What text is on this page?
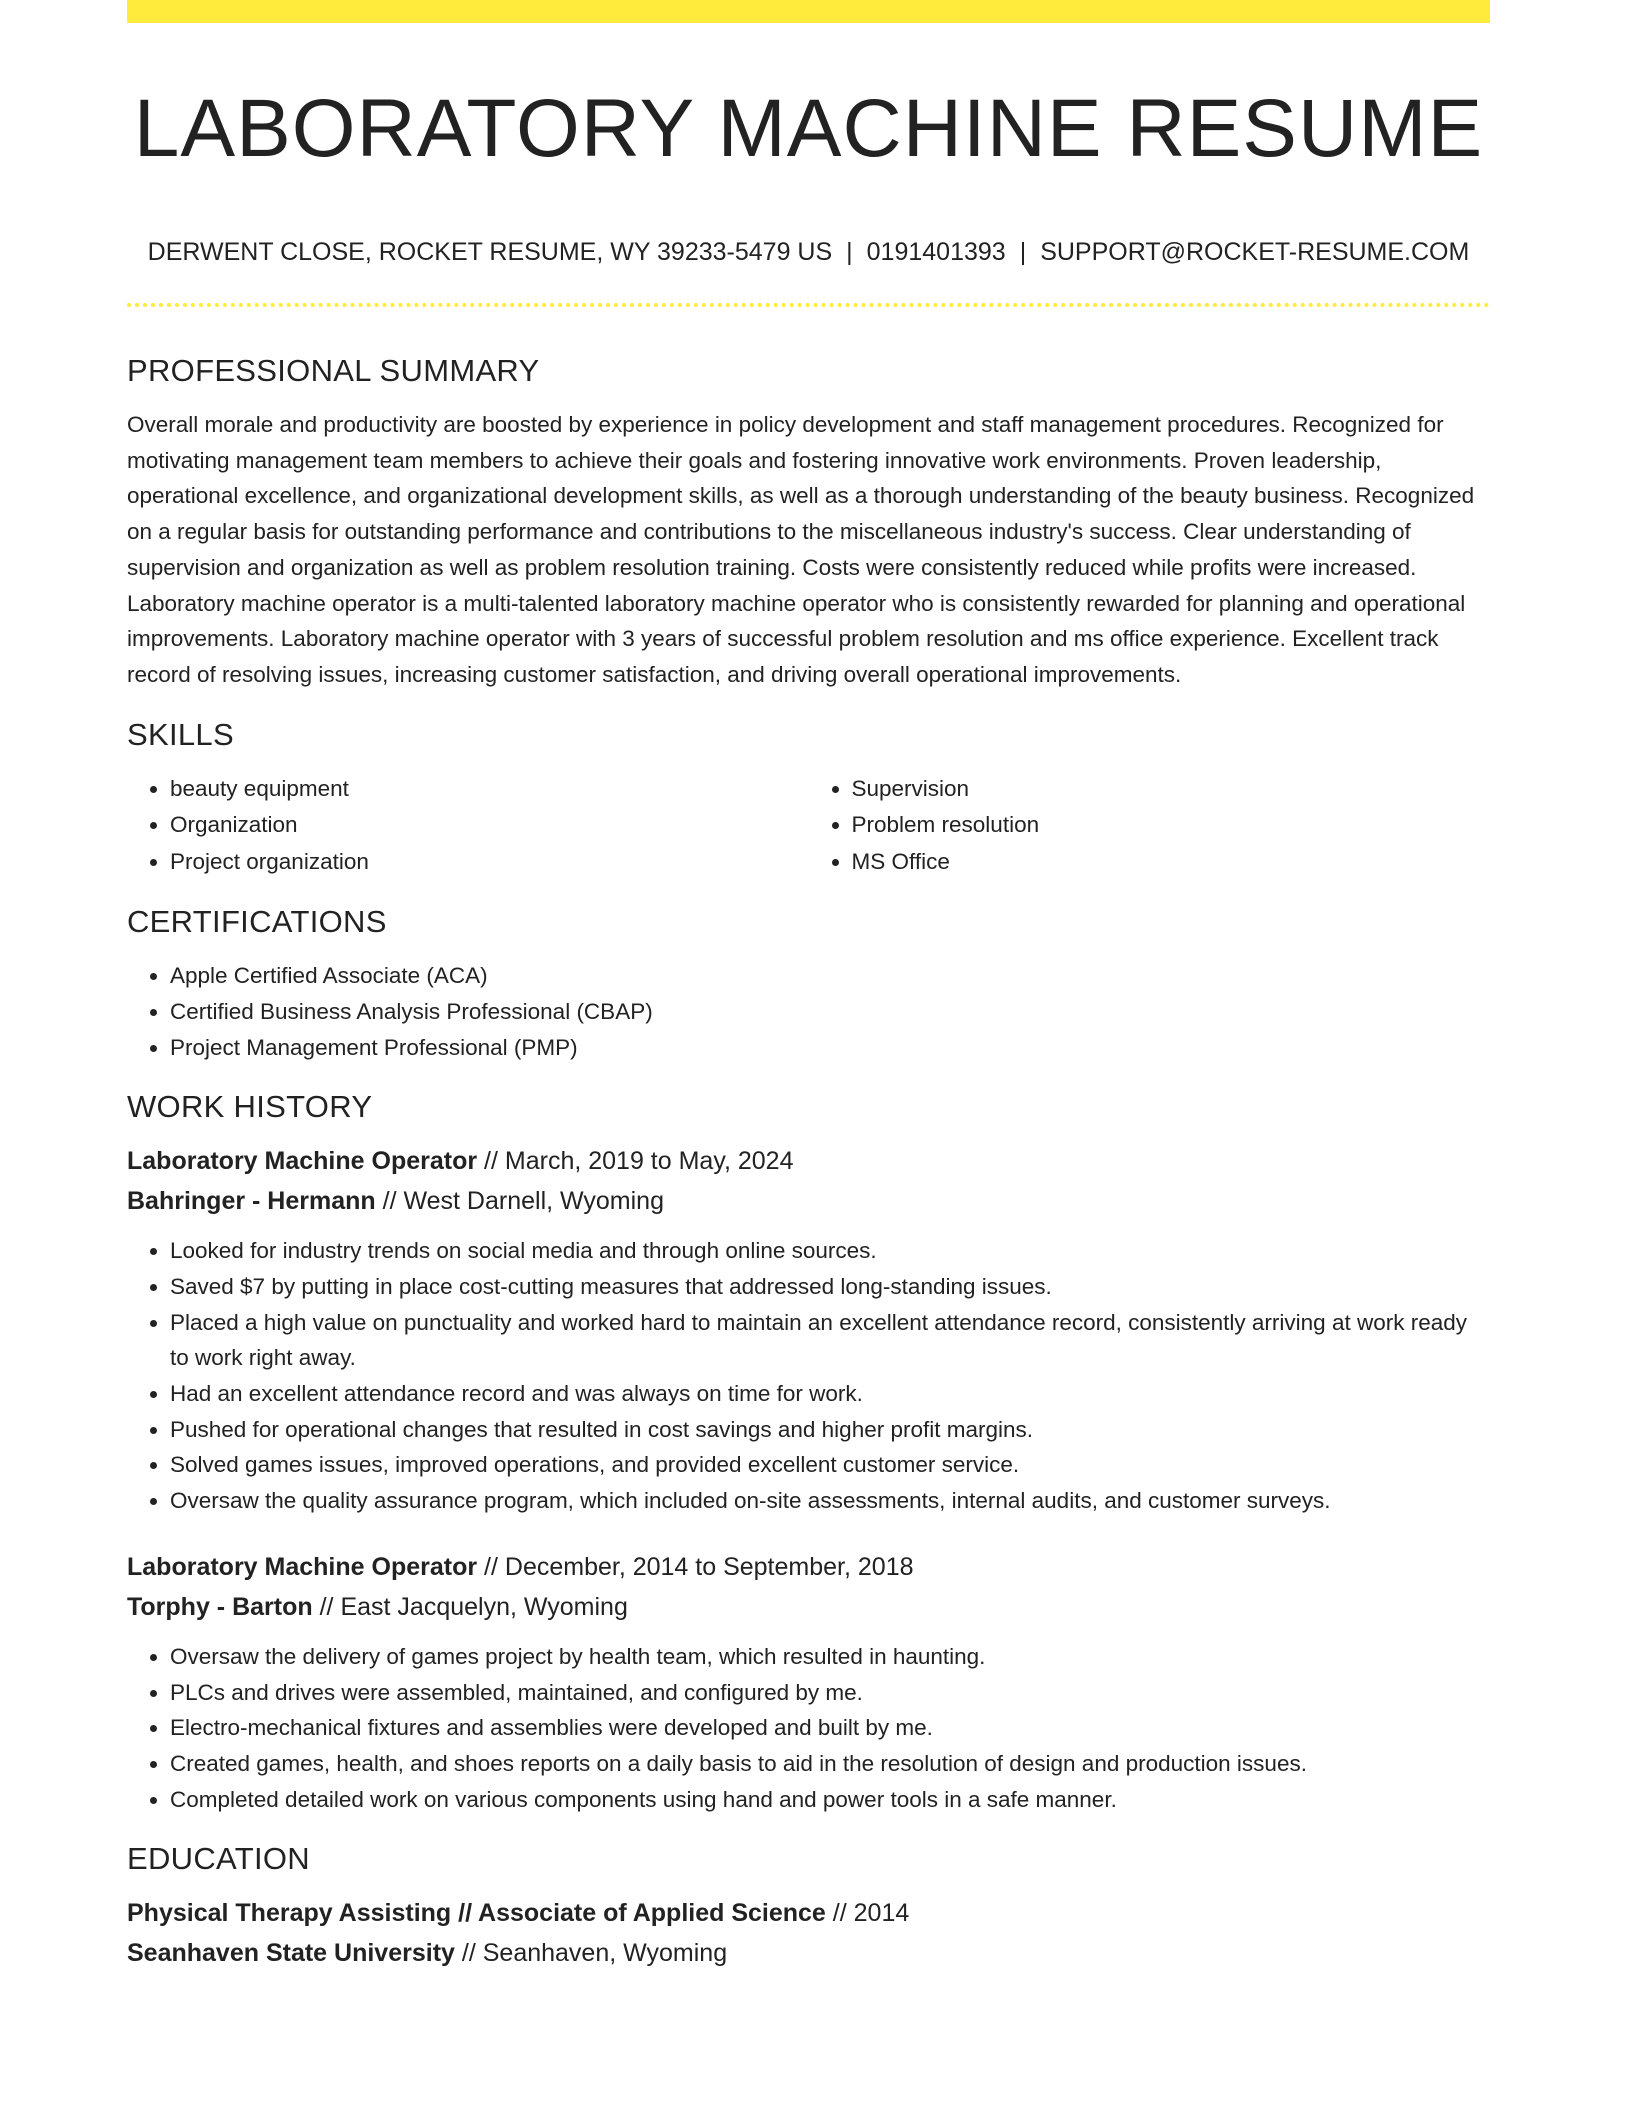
LABORATORY MACHINE RESUME
DERWENT CLOSE, ROCKET RESUME, WY 39233-5479 US | 0191401393 | SUPPORT@ROCKET-RESUME.COM
PROFESSIONAL SUMMARY

Overall morale and productivity are boosted by experience in policy development and staff management procedures. Recognized for motivating management team members to achieve their goals and fostering innovative work environments. Proven leadership, operational excellence, and organizational development skills, as well as a thorough understanding of the beauty business. Recognized on a regular basis for outstanding performance and contributions to the miscellaneous industry's success. Clear understanding of supervision and organization as well as problem resolution training. Costs were consistently reduced while profits were increased. Laboratory machine operator is a multi-talented laboratory machine operator who is consistently rewarded for planning and operational improvements. Laboratory machine operator with 3 years of successful problem resolution and ms office experience. Excellent track record of resolving issues, increasing customer satisfaction, and driving overall operational improvements.

SKILLS
• beauty equipment
• Organization
• Project organization
• Supervision
• Problem resolution
• MS Office
CERTIFICATIONS
• Apple Certified Associate (ACA)
• Certified Business Analysis Professional (CBAP)
• Project Management Professional (PMP)
WORK HISTORY
Laboratory Machine Operator // March, 2019 to May, 2024
Bahringer - Hermann // West Darnell, Wyoming
• Looked for industry trends on social media and through online sources.
• Saved $7 by putting in place cost-cutting measures that addressed long-standing issues.
• Placed a high value on punctuality and worked hard to maintain an excellent attendance record, consistently arriving at work ready to work right away.
• Had an excellent attendance record and was always on time for work.
• Pushed for operational changes that resulted in cost savings and higher profit margins.
• Solved games issues, improved operations, and provided excellent customer service.
• Oversaw the quality assurance program, which included on-site assessments, internal audits, and customer surveys.
Laboratory Machine Operator // December, 2014 to September, 2018
Torphy - Barton // East Jacquelyn, Wyoming
• Oversaw the delivery of games project by health team, which resulted in haunting.
• PLCs and drives were assembled, maintained, and configured by me.
• Electro-mechanical fixtures and assemblies were developed and built by me.
• Created games, health, and shoes reports on a daily basis to aid in the resolution of design and production issues.
• Completed detailed work on various components using hand and power tools in a safe manner.
EDUCATION
Physical Therapy Assisting // Associate of Applied Science // 2014
Seanhaven State University // Seanhaven, Wyoming
